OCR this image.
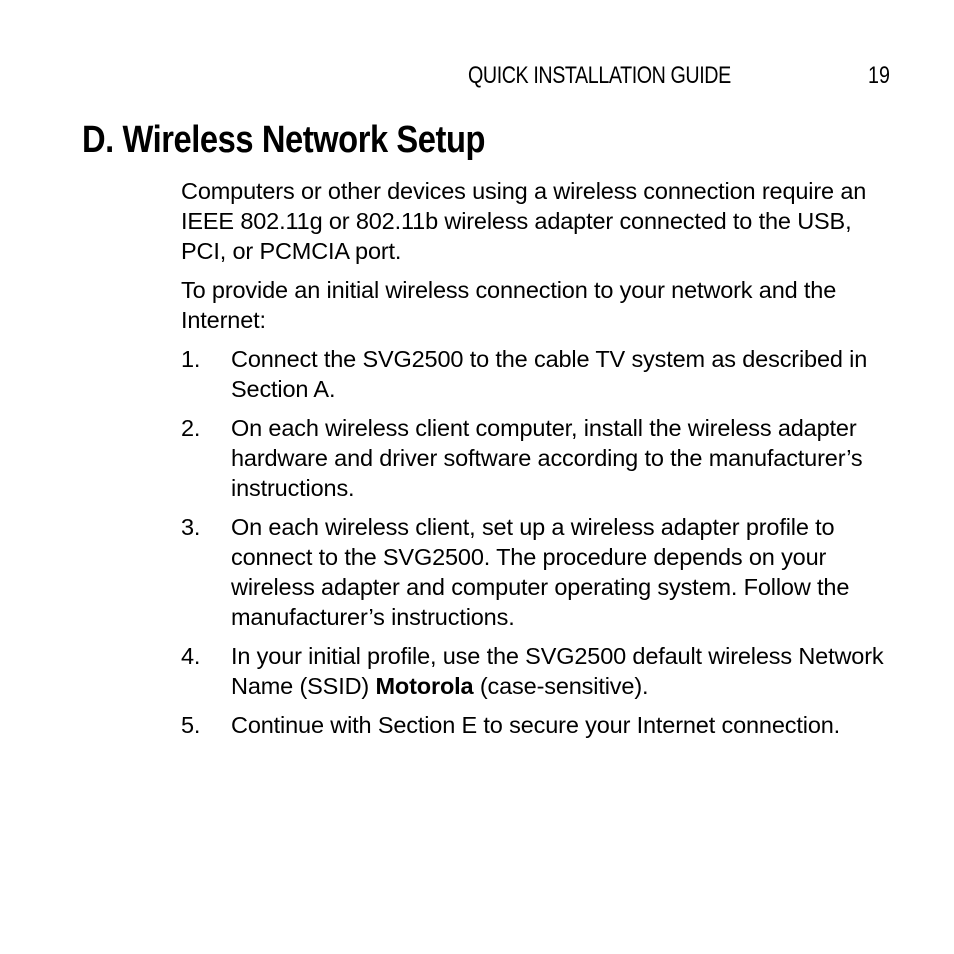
QUICK INSTALLATION GUIDE	19
D. Wireless Network Setup

Computers or other devices using a wireless connection require an IEEE 802.11g or 802.11b wireless adapter connected to the USB, PCI, or PCMCIA port.

To provide an initial wireless connection to your network and the Internet:

1.	Connect the SVG2500 to the cable TV system as described in Section A.
2.	On each wireless client computer, install the wireless adapter hardware and driver software according to the manufacturer’s instructions.
3.	On each wireless client, set up a wireless adapter profile to connect to the SVG2500. The procedure depends on your wireless adapter and computer operating system. Follow the manufacturer’s instructions.
4.	In your initial profile, use the SVG2500 default wireless Network Name (SSID) Motorola (case-sensitive).
5.	Continue with Section E to secure your Internet connection.
